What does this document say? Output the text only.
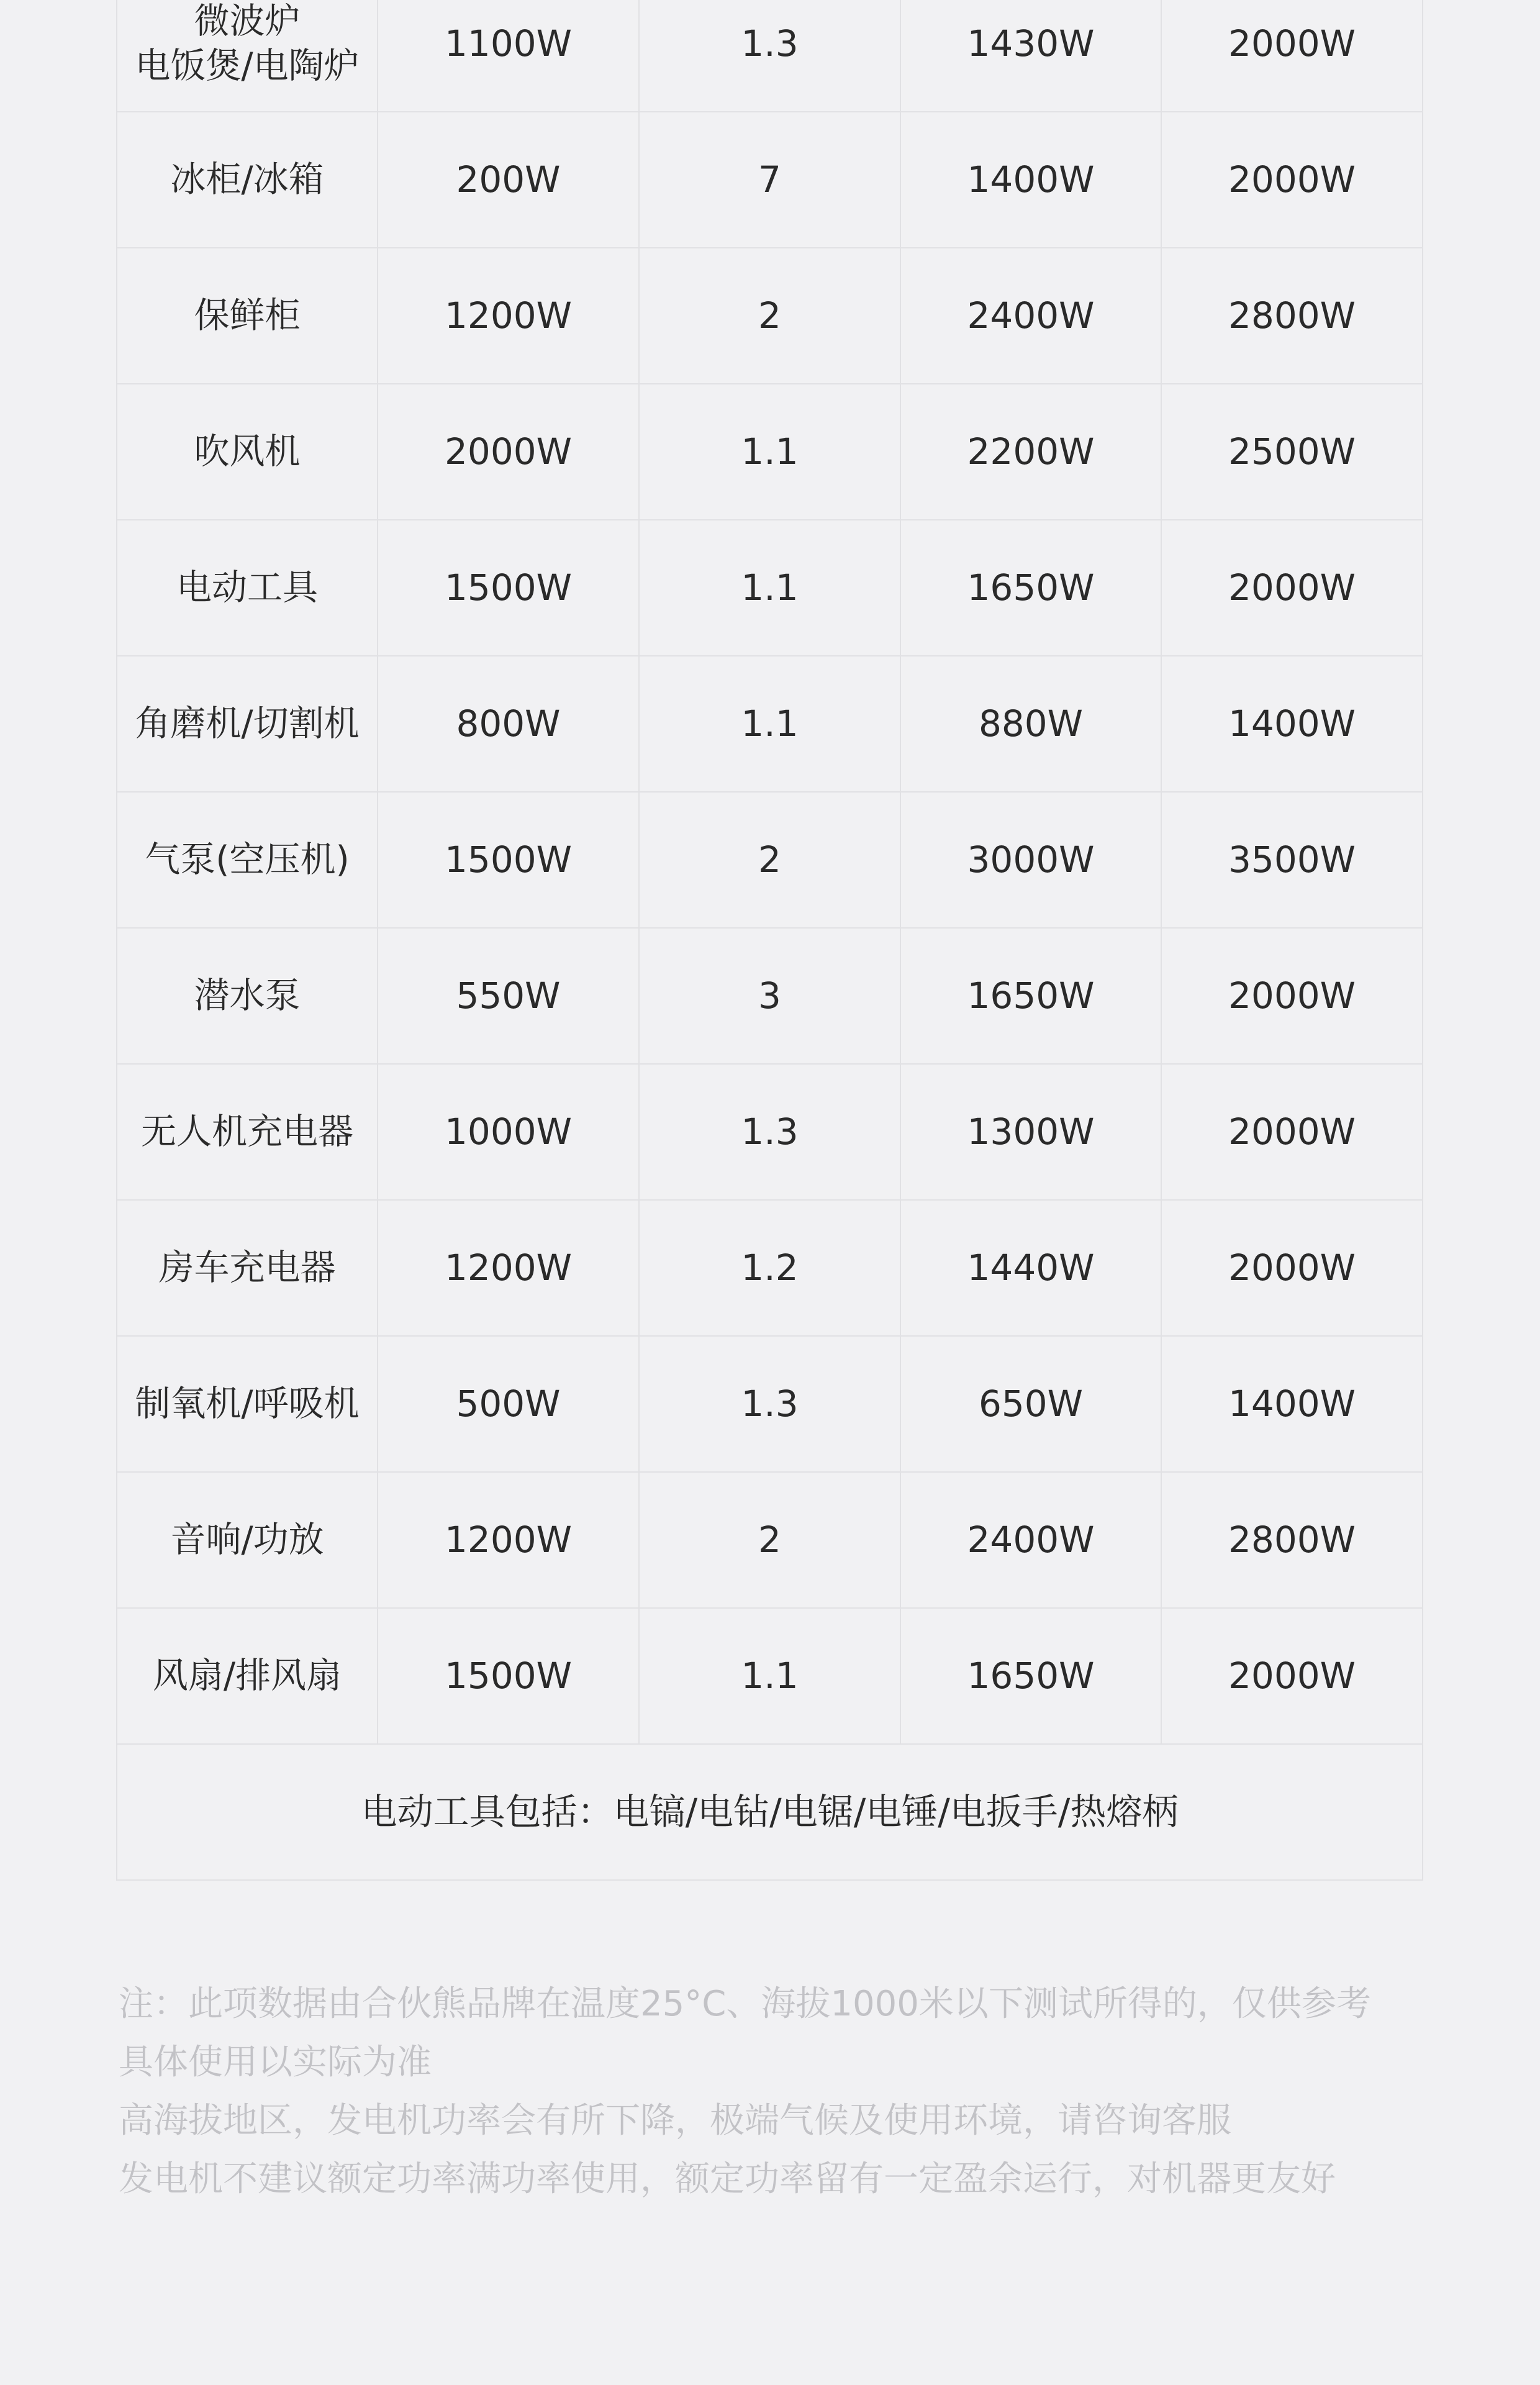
微波炉
电饭煲/电陶炉	1100W	1.3	1430W	2000W

冰柜/冰箱	200W	7	1400W	2000W

保鲜柜	1200W	2	2400W	2800W

吹风机	2000W	1.1	2200W	2500W

电动工具	1500W	1.1	1650W	2000W

角磨机/切割机	800W	1.1	880W	1400W

气泵(空压机)	1500W	2	3000W	3500W

潜水泵	550W	3	1650W	2000W

无人机充电器	1000W	1.3	1300W	2000W

房车充电器	1200W	1.2	1440W	2000W

制氧机/呼吸机	500W	1.3	650W	1400W

音响/功放	1200W	2	2400W	2800W

风扇/排风扇	1500W	1.1	1650W	2000W

电动工具包括：电镐/电钻/电锯/电锤/电扳手/热熔柄				
注：此项数据由合伙熊品牌在温度25°C、海拔1000米以下测试所得的，仅供参考
具体使用以实际为准
高海拔地区，发电机功率会有所下降，极端气候及使用环境，请咨询客服
发电机不建议额定功率满功率使用，额定功率留有一定盈余运行，对机器更友好
